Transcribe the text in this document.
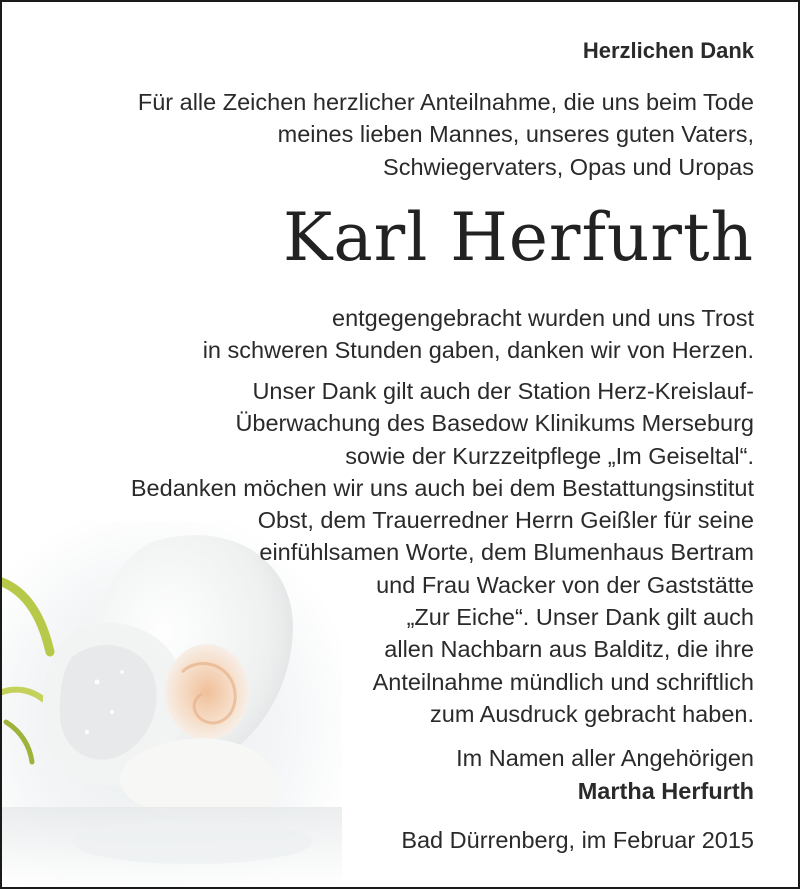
Herzlichen Dank
Für alle Zeichen herzlicher Anteilnahme, die uns beim Tode
meines lieben Mannes, unseres guten Vaters,
Schwiegervaters, Opas und Uropas
Karl Herfurth
entgegengebracht wurden und uns Trost
in schweren Stunden gaben, danken wir von Herzen.
Unser Dank gilt auch der Station Herz-Kreislauf-
Überwachung des Basedow Klinikums Merseburg
sowie der Kurzzeitpflege „Im Geiseltal“.
Bedanken möchen wir uns auch bei dem Bestattungsinstitut
Obst, dem Trauerredner Herrn Geißler für seine
einfühlsamen Worte, dem Blumenhaus Bertram
und Frau Wacker von der Gaststätte
„Zur Eiche“. Unser Dank gilt auch
allen Nachbarn aus Balditz, die ihre
Anteilnahme mündlich und schriftlich
zum Ausdruck gebracht haben.
Im Namen aller Angehörigen
Martha Herfurth
Bad Dürrenberg, im Februar 2015
